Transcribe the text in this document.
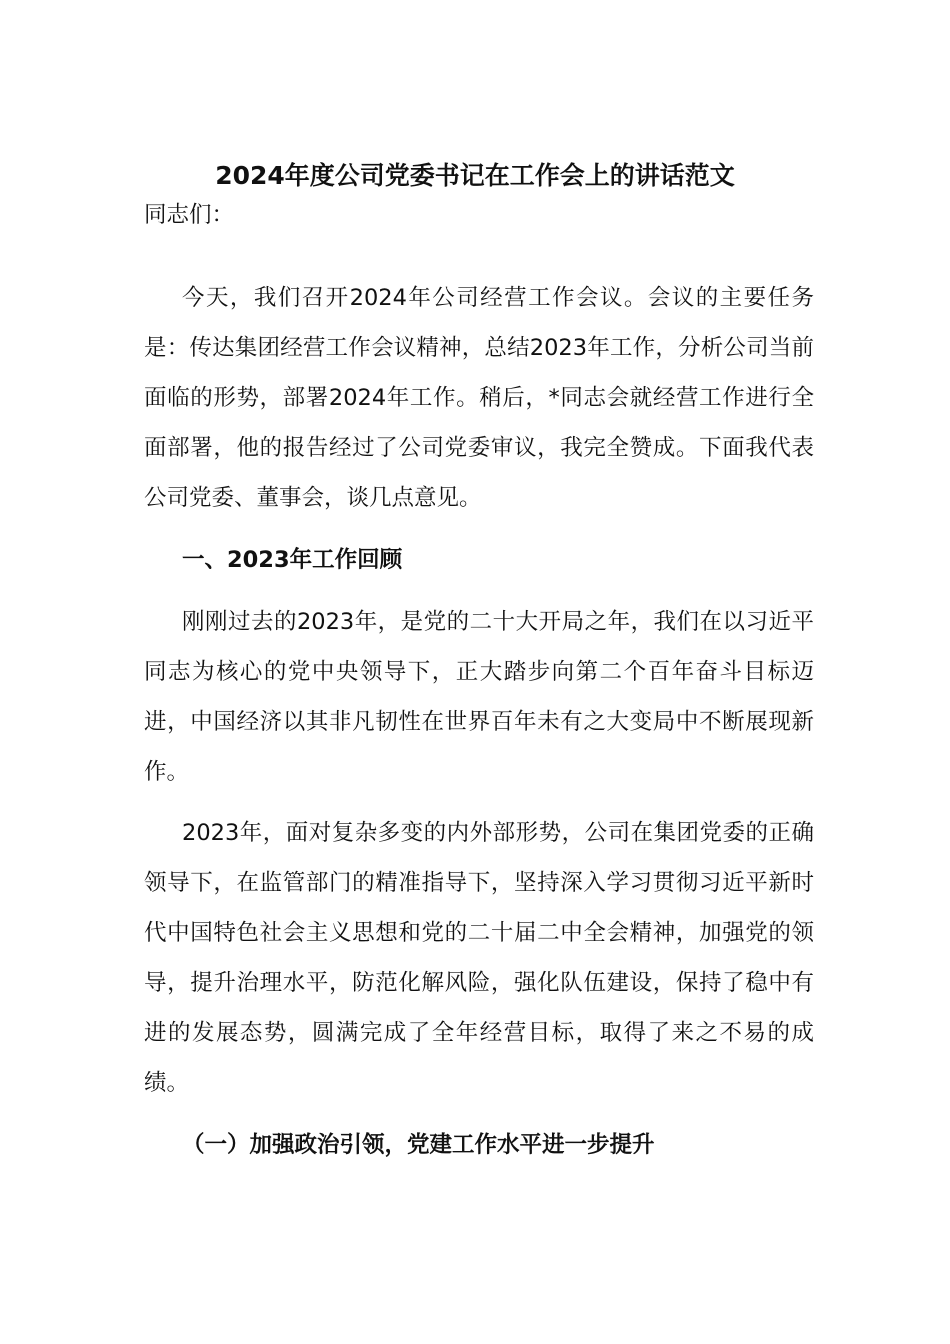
2024年度公司党委书记在工作会上的讲话范文
同志们：
今天，我们召开2024年公司经营工作会议。会议的主要任务是：传达集团经营工作会议精神，总结2023年工作，分析公司当前面临的形势，部署2024年工作。稍后，*同志会就经营工作进行全面部署，他的报告经过了公司党委审议，我完全赞成。下面我代表公司党委、董事会，谈几点意见。
一、2023年工作回顾
刚刚过去的2023年，是党的二十大开局之年，我们在以习近平同志为核心的党中央领导下，正大踏步向第二个百年奋斗目标迈进，中国经济以其非凡韧性在世界百年未有之大变局中不断展现新作。
2023年，面对复杂多变的内外部形势，公司在集团党委的正确领导下，在监管部门的精准指导下，坚持深入学习贯彻习近平新时代中国特色社会主义思想和党的二十届二中全会精神，加强党的领导，提升治理水平，防范化解风险，强化队伍建设，保持了稳中有进的发展态势，圆满完成了全年经营目标，取得了来之不易的成绩。
（一）加强政治引领，党建工作水平进一步提升
